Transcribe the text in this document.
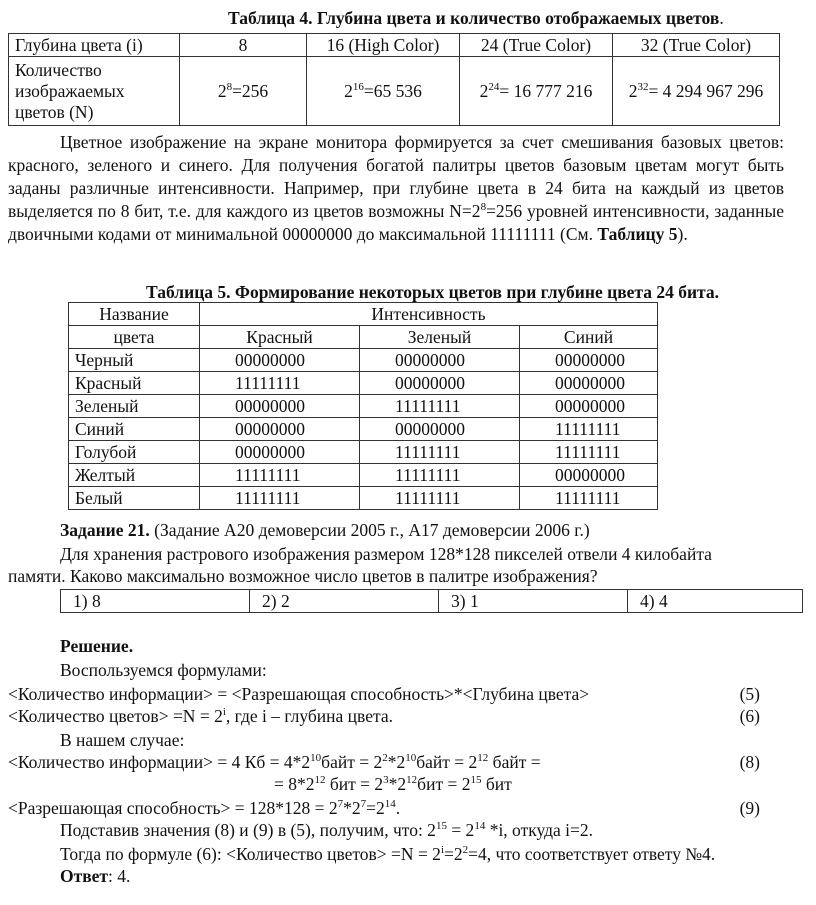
Таблица 4. Глубина цвета и количество отображаемых цветов.
Глубина цвета (i)	8	16 (High Color)	24 (True Color)	32 (True Color)
Количество изображаемых цветов (N)	$2^8=256$	$2^{16}=65$ 536	$2^{24}= 16$ 777 216	$2^{32}= 4$ 294 967 296
Цветное изображение на экране монитора формируется за счет смешивания базовых цветов: красного, зеленого и синего. Для получения богатой палитры цветов базовым цветам могут быть заданы различные интенсивности. Например, при глубине цвета в 24 бита на каждый из цветов выделяется по 8 бит, т.е. для каждого из цветов возможны $N=2^8=256$ уровней интенсивности, заданные двоичными кодами от минимальной 00000000 до максимальной 11111111 (См. Таблицу 5).
Таблица 5. Формирование некоторых цветов при глубине цвета 24 бита.
Название	Интенсивность		
цвета	Красный	Зеленый	Синий
Черный	00000000	00000000	00000000
Красный	11111111	00000000	00000000
Зеленый	00000000	11111111	00000000
Синий	00000000	00000000	11111111
Голубой	00000000	11111111	11111111
Желтый	11111111	11111111	00000000
Белый	11111111	11111111	11111111
Задание 21. (Задание А20 демоверсии 2005 г., А17 демоверсии 2006 г.)
Для хранения растрового изображения размером 128*128 пикселей отвели 4 килобайта
памяти. Каково максимально возможное число цветов в палитре изображения?
1) 8	2) 2	3) 1	4) 4
Решение.
Воспользуемся формулами:
<Количество информации> = <Разрешающая способность>*<Глубина цвета>	(5)
<Количество цветов> $=N = 2^i$, где i – глубина цвета.	(6)
В нашем случае:
<Количество информации> = 4 Кб = $4*2^{10}байт$ = $2^2*2^{10}байт = 2^{12}$ байт =	(8)
= $8*2^{12}$ бит = $2^3*2^{12}бит = 2^{15}$ бит
<Разрешающая способность> = $128*128 = 2^7*2^7=2^{14}$.	(9)
Подставив значения (8) и (9) в (5), получим, что: $2^{15} = 2^{14}$ *i, откуда i=2.
Тогда по формуле (6): <Количество цветов> $=N = 2^i=2^2=4$, что соответствует ответу №4.
Ответ: 4.
